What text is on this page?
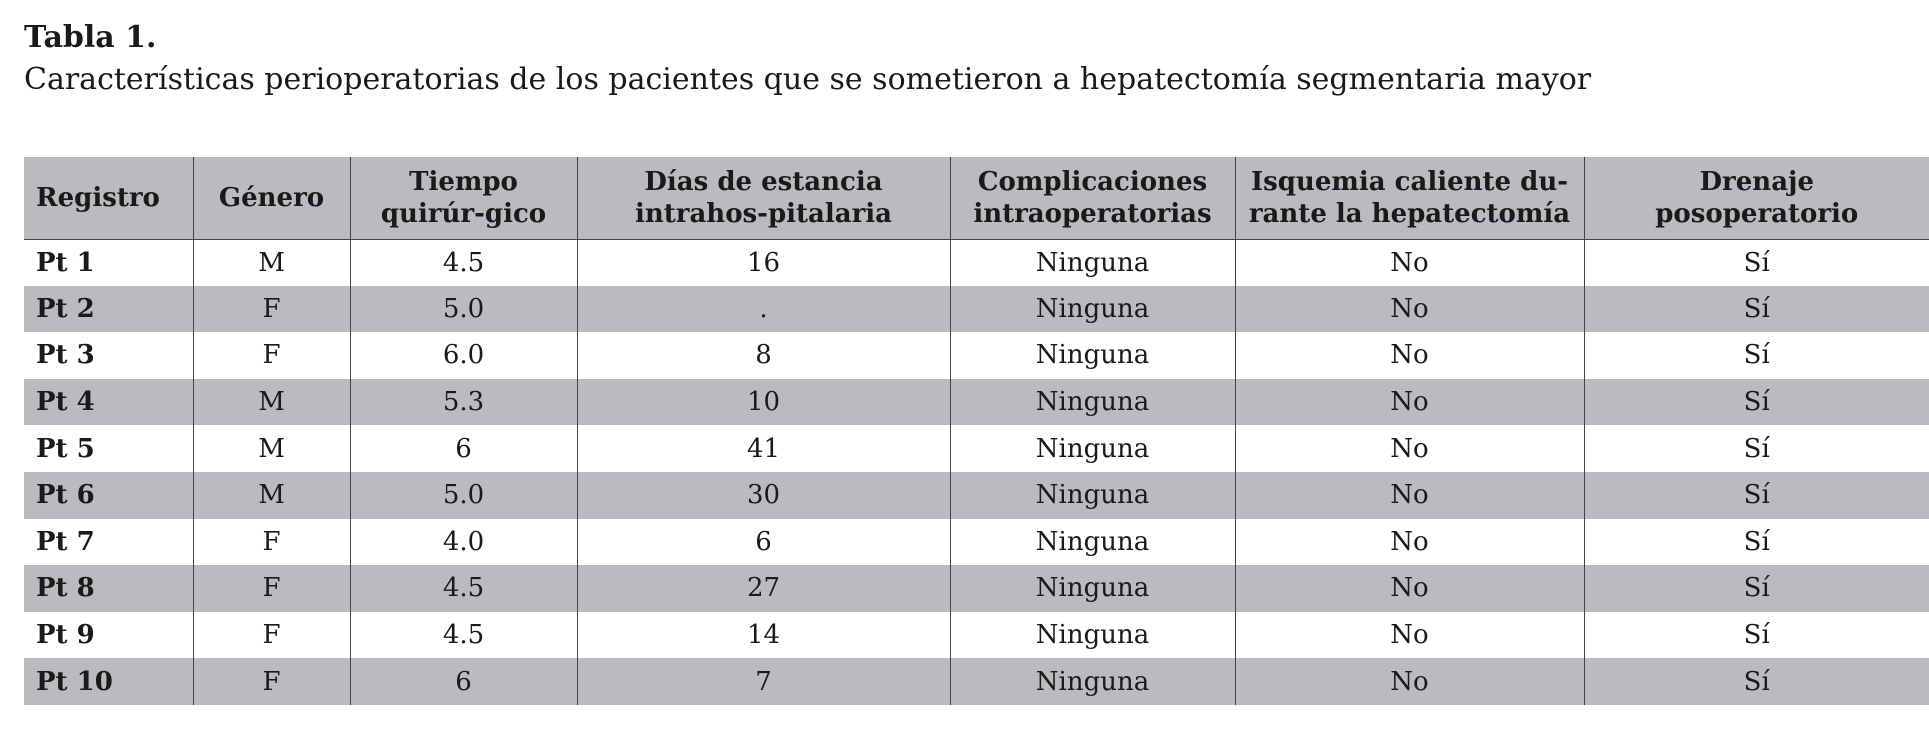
Tabla 1.
Características perioperatorias de los pacientes que se sometieron a hepatectomía segmentaria mayor
Registro	Género	Tiempo quirúr-gico	Días de estancia intrahos-pitalaria	Complicaciones intraoperatorias	Isquemia caliente du-rante la hepatectomía	Drenaje posoperatorio
Pt 1	M	4.5	16	Ninguna	No	Sí
Pt 2	F	5.0	.	Ninguna	No	Sí
Pt 3	F	6.0	8	Ninguna	No	Sí
Pt 4	M	5.3	10	Ninguna	No	Sí
Pt 5	M	6	41	Ninguna	No	Sí
Pt 6	M	5.0	30	Ninguna	No	Sí
Pt 7	F	4.0	6	Ninguna	No	Sí
Pt 8	F	4.5	27	Ninguna	No	Sí
Pt 9	F	4.5	14	Ninguna	No	Sí
Pt 10	F	6	7	Ninguna	No	Sí
